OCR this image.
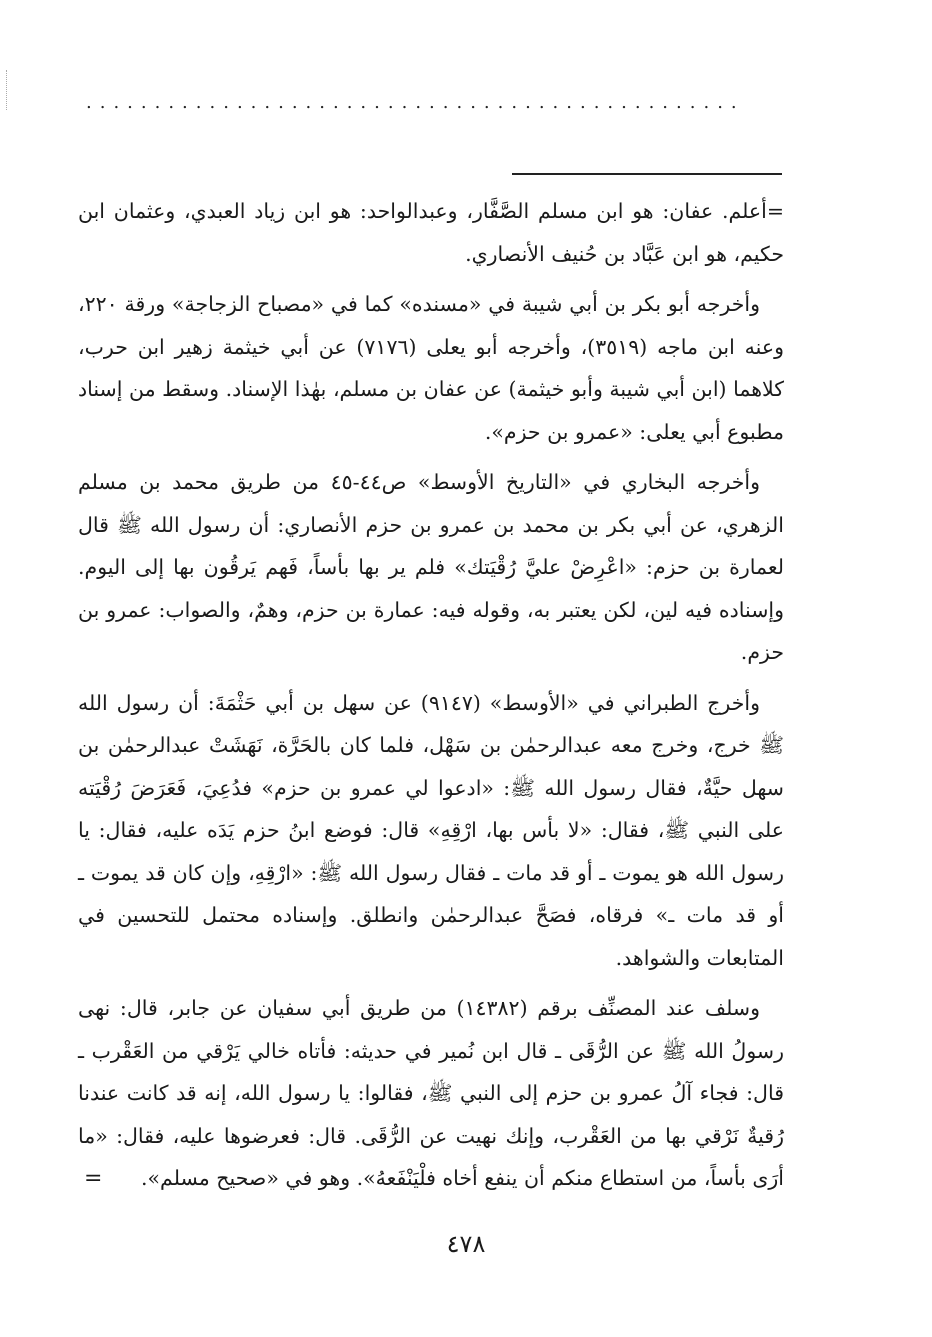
................................................

=أعلم. عفان: هو ابن مسلم الصَّفَّار، وعبدالواحد: هو ابن زياد العبدي، وعثمان ابن حكيم، هو ابن عَبَّاد بن حُنيف الأنصاري.

وأخرجه أبو بكر بن أبي شيبة في «مسنده» كما في «مصباح الزجاجة» ورقة ٢٢٠، وعنه ابن ماجه (٣٥١٩)، وأخرجه أبو يعلى (٧١٧٦) عن أبي خيثمة زهير ابن حرب، كلاهما (ابن أبي شيبة وأبو خيثمة) عن عفان بن مسلم، بهٰذا الإسناد. وسقط من إسناد مطبوع أبي يعلى: «عمرو بن حزم».

وأخرجه البخاري في «التاريخ الأوسط» ص٤٤-٤٥ من طريق محمد بن مسلم الزهري، عن أبي بكر بن محمد بن عمرو بن حزم الأنصاري: أن رسول الله ﷺ قال لعمارة بن حزم: «اعْرِضْ عليَّ رُقْيَتك» فلم ير بها بأساً، فَهم يَرقُون بها إلى اليوم. وإسناده فيه لين، لكن يعتبر به، وقوله فيه: عمارة بن حزم، وهمٌ، والصواب: عمرو بن حزم.

وأخرج الطبراني في «الأوسط» (٩١٤٧) عن سهل بن أبي حَثْمَةَ: أن رسول الله ﷺ خرج، وخرج معه عبدالرحمٰن بن سَهْل، فلما كان بالحَرَّة، نَهَشَتْ عبدالرحمٰن بن سهل حيَّةٌ، فقال رسول الله ﷺ: «ادعوا لي عمرو بن حزم» فدُعِيَ، فَعَرَضَ رُقْيَته على النبي ﷺ، فقال: «لا بأس بها، ارْقِهِ» قال: فوضع ابنُ حزم يَدَه عليه، فقال: يا رسول الله هو يموت ـ أو قد مات ـ فقال رسول الله ﷺ: «ارْقِهِ، وإن كان قد يموت ـ أو قد مات ـ» فرقاه، فصَحَّ عبدالرحمٰن وانطلق. وإسناده محتمل للتحسين في المتابعات والشواهد.

وسلف عند المصنِّف برقم (١٤٣٨٢) من طريق أبي سفيان عن جابر، قال: نهى رسولُ الله ﷺ عن الرُّقَى ـ قال ابن نُمير في حديثه: فأتاه خالي يَرْقي من العَقْرب ـ قال: فجاء آلُ عمرو بن حزم إلى النبي ﷺ، فقالوا: يا رسول الله، إنه قد كانت عندنا رُقيةٌ نَرْقي بها من العَقْرب، وإنك نهيت عن الرُّقَى. قال: فعرضوها عليه، فقال: «ما أرَى بأساً، من استطاع منكم أن ينفع أخاه فلْيَنْفَعهُ». وهو في «صحيح مسلم».

=
٤٧٨
